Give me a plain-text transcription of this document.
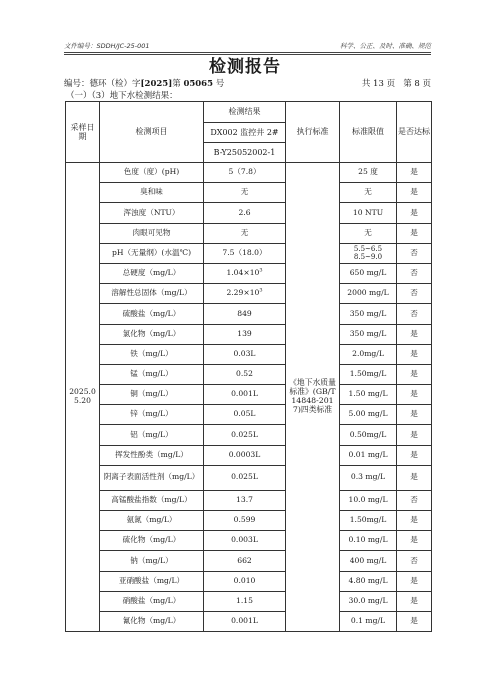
文件编号：SDDH/JC-25-001	科学、公正、及时、准确、规范
检测报告
编号：德环（检）字[2025]第 05065 号	共 13 页 第 8 页
（一）（3）地下水检测结果：
采样日期	检测项目	检测结果	执行标准	标准限值	是否达标
		DX002 监控井 2#			
		B-Y25052002-1			
2025.05.20	色度（度）(pH)	5（7.8）	《地下水质量标准》(GB/T14848-2017)四类标准	25 度	是
	臭和味	无		无	是
	浑浊度（NTU）	2.6		10 NTU	是
	肉眼可见物	无		无	是
	pH（无量纲）(水温℃)	7.5（18.0）		5.5~6.5
8.5~9.0	否
	总硬度（mg/L）	$1.04\times 10^3$		650 mg/L	否
	溶解性总固体（mg/L）	$2.29\times 10^3$		2000 mg/L	否
	硫酸盐（mg/L）	849		350 mg/L	否
	氯化物（mg/L）	139		350 mg/L	是
	铁（mg/L）	0.03L		2.0mg/L	是
	锰（mg/L）	0.52		1.50mg/L	是
	铜（mg/L）	0.001L		1.50 mg/L	是
	锌（mg/L）	0.05L		5.00 mg/L	是
	铝（mg/L）	0.025L		0.50mg/L	是
	挥发性酚类（mg/L）	0.0003L		0.01 mg/L	是
	阴离子表面活性剂（mg/L）	0.025L		0.3 mg/L	是
	高锰酸盐指数（mg/L）	13.7		10.0 mg/L	否
	氨氮（mg/L）	0.599		1.50mg/L	是
	硫化物（mg/L）	0.003L		0.10 mg/L	是
	钠（mg/L）	662		400 mg/L	否
	亚硝酸盐（mg/L）	0.010		4.80 mg/L	是
	硝酸盐（mg/L）	1.15		30.0 mg/L	是
	氰化物（mg/L）	0.001L		0.1 mg/L	是
